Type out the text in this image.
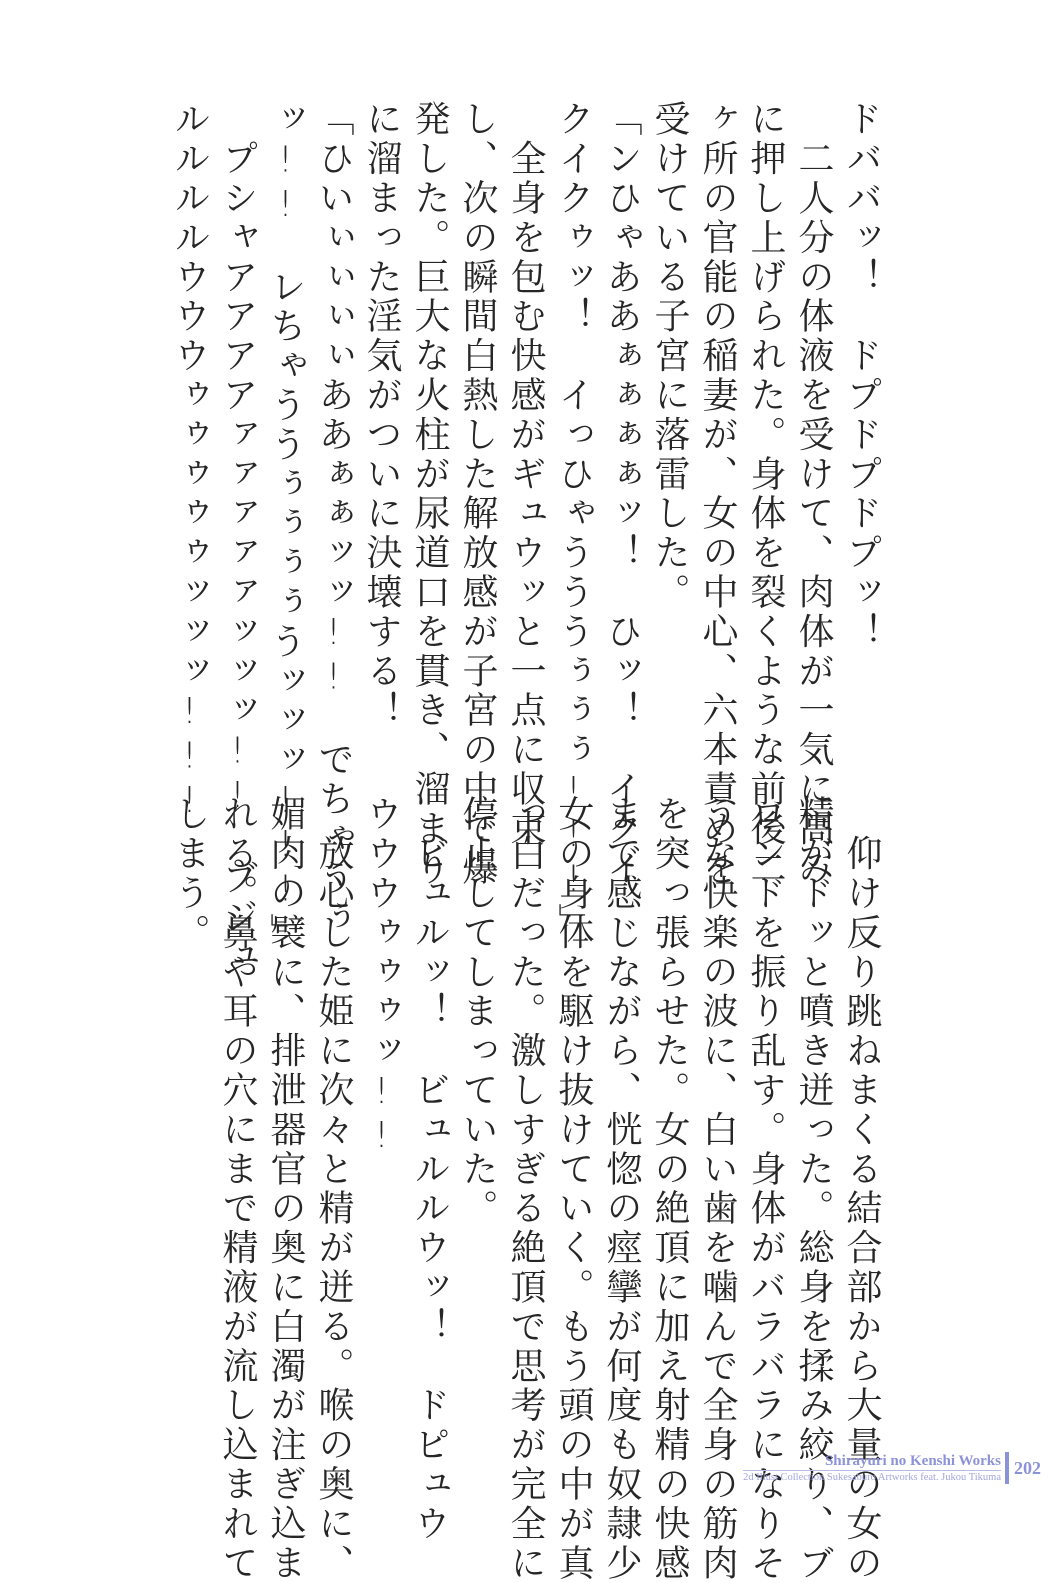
ドババッ！　ドプドプドプッ！
　二人分の体液を受けて、肉体が一気に高み
に押し上げられた。身体を裂くような前後二
ヶ所の官能の稲妻が、女の中心、六本責めを
受けている子宮に落雷した。
「ンひゃああぁぁぁぁッ！　ひッ！　イクイ
クイクゥッ！　イっひゃうううぅぅぅ!!!」
　全身を包む快感がギュウッと一点に収束
し、次の瞬間白熱した解放感が子宮の中で爆
発した。巨大な火柱が尿道口を貫き、溜まり
に溜まった淫気がついに決壊する！
「ひいぃぃぃぃああぁぁッッ!!　でちゃうぅ
ッ!!　レちゃううぅぅぅぅうッッッ!!!」
　プシャアアアアァァァァァッッッ!!　ブジュ
ルルルルウウウゥゥゥゥゥッッッ!!!
　仰け反り跳ねまくる結合部から大量の女の
精がドッと噴き迸った。総身を揉み絞り、ブ
ロンドを振り乱す。身体がバラバラになりそ
うな快楽の波に、白い歯を噛んで全身の筋肉
を突っ張らせた。女の絶頂に加え射精の快感
まで感じながら、恍惚の痙攣が何度も奴隷少
女の身体を駆け抜けていく。もう頭の中が真
っ白だった。激しすぎる絶頂で思考が完全に
停止してしまっていた。
　ビュルッ！　ビュルルウッ！　ドピュウ
ウウウゥゥゥッ!!
　放心した姫に次々と精が迸る。喉の奥に、
媚肉の襞に、排泄器官の奥に白濁が注ぎ込ま
れる。鼻や耳の穴にまで精液が流し込まれて
しまう。
Shirayuri no Kenshi Works
2d Illust Collection Sukesaburo Artworks feat. Jukou Tikuma 202
